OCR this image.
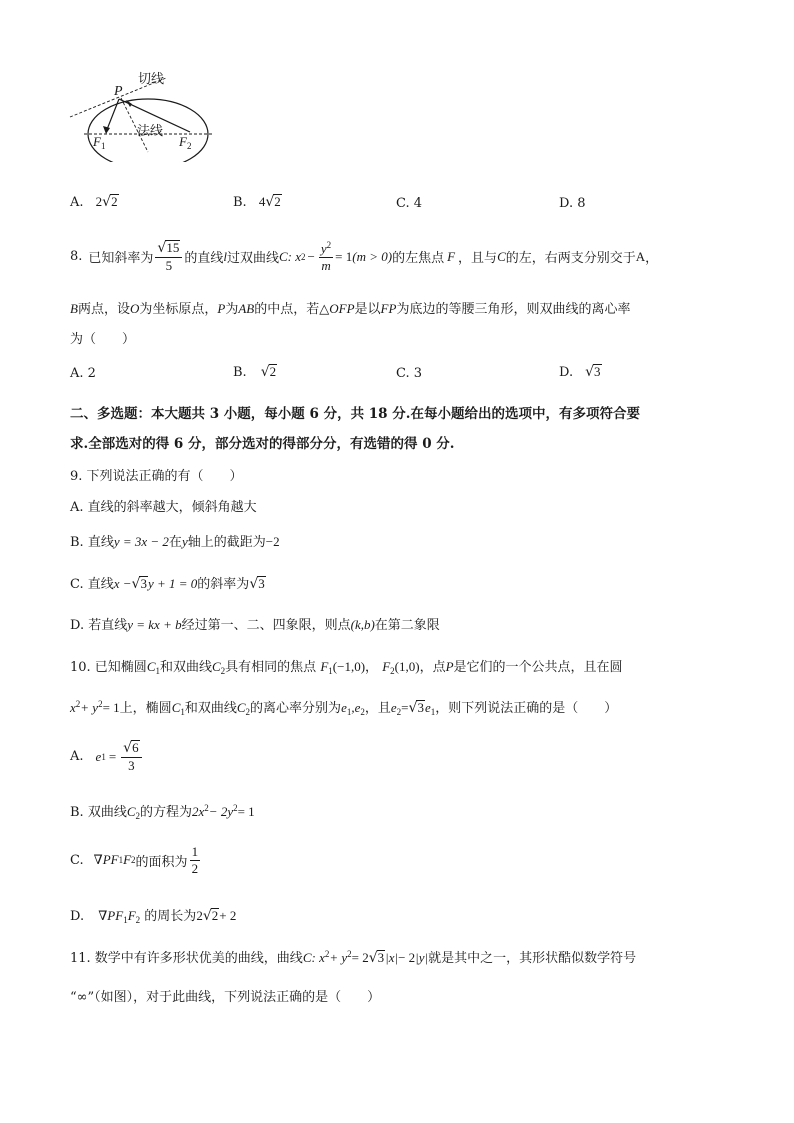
P
切线
法线
$F_1$	$F_2$
A. 2√2	B. 4√2	C. 4	D. 8
8. 已知斜率为 $\frac{√15}{5}$ 的直线 l 过双曲线 C : x $2 - \frac{y^2}{m} = 1$ (m > 0) 的左焦点 F ，且与 C 的左，右两支分别交于 A ，
B两点，设O为坐标原点，P为AB的中点，若△OFP是以FP为底边的等腰三角形，则双曲线的离心率
为（　　）
A. 2	B. √2	C. 3	D. √3
二、多选题：本大题共 3 小题，每小题 6 分，共 18 分.在每小题给出的选项中，有多项符合要
求.全部选对的得 6 分，部分选对的得部分分，有选错的得 0 分.
9. 下列说法正确的有（　　）
A. 直线的斜率越大，倾斜角越大
B. 直线y = 3x − 2在y轴上的截距为−2
C. 直线x −√3y + 1 = 0的斜率为√3
D. 若直线y = kx + b经过第一、二、四象限，则点(k,b)在第二象限
10. 已知椭圆$C_1$和双曲线$C_2$具有相同的焦点 $F_1(-1,0)$， $F_2(1,0)$，点P是它们的一个公共点，且在圆
$x^2+ y^2= 1$上，椭圆$C_1$和双曲线$C_2$的离心率分别为$e_1,e_2$，且$e_2=√3e_1$，则下列说法正确的是（　　）
A. e $1 = \frac{√6}{3}$
B. 双曲线$C_2$的方程为$2x^2- 2y^2= 1$
C. ∇PF 1 F 2 的面积为 $\frac{1}{2}$
D. $\nabla PF_1F_2$ 的周长为2√2+ 2
11. 数学中有许多形状优美的曲线，曲线C: $x^2+ y^2= 2√3|x|- 2|y|$就是其中之一，其形状酷似数学符号
“∞”（如图），对于此曲线，下列说法正确的是（　　）
